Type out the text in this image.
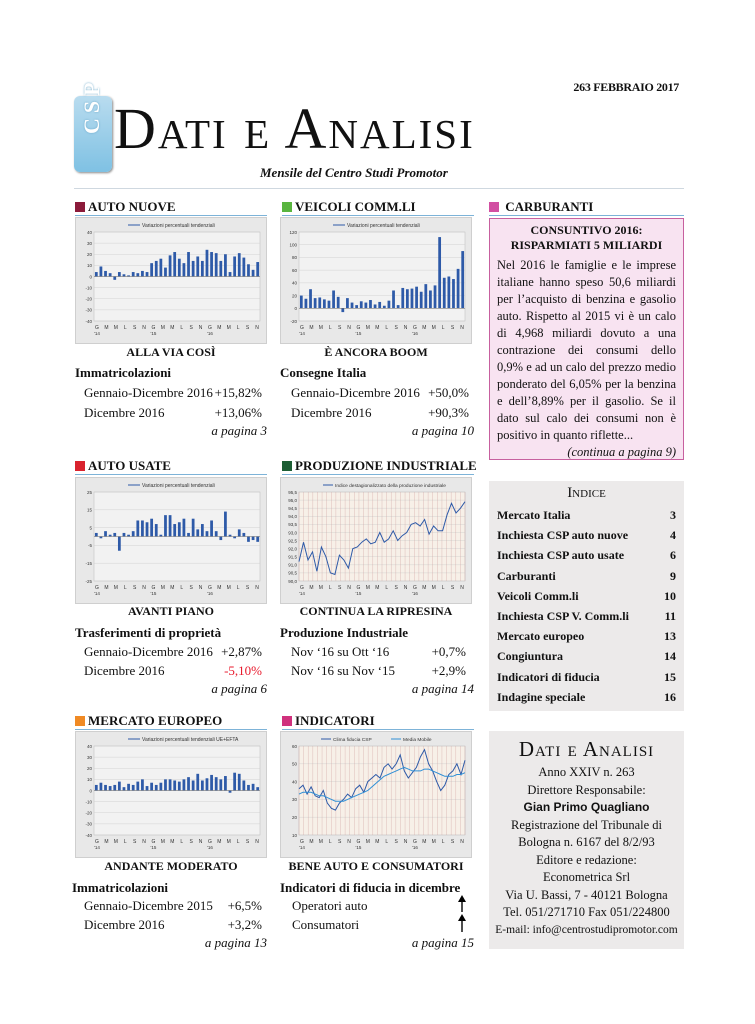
263 FEBBRAIO 2017
CSP Dati e Analisi
Mensile del Centro Studi Promotor
AUTO NUOVE
40
30
20
10
0
-10
-20
-30
-40
G M M L S N G M M L S N G M M L S N
'14	'15	'16
Variazioni percentuali tendenziali
ALLA VIA COSÌ
Immatricolazioni
Gennaio-Dicembre 2016 +15,82%
Dicembre 2016	+13,06%
a pagina 3
VEICOLI COMM.LI
120
100
80
60
40
20
0
-20
G M M L S N G M M L S N G M M L S N
'14	'15	'16
Variazioni percentuali tendenziali
È ANCORA BOOM
Consegne Italia
Gennaio-Dicembre 2016 +50,0%
Dicembre 2016	+90,3%
a pagina 10
CARBURANTI
CONSUNTIVO 2016:
RISPARMIATI 5 MILIARDI
Nel 2016 le famiglie e le imprese italiane hanno speso 50,6 miliardi per l’acquisto di benzina e gasolio auto. Rispetto al 2015 vi è un calo di 4,968 miliardi dovuto a una contrazione dei consumi dello 0,9% e ad un calo del prezzo medio ponderato del 6,05% per la benzina e dell’8,89% per il gasolio. Se il dato sul calo dei consumi non è positivo in quanto riflette...
(continua a pagina 9)
AUTO USATE
25
15
5
-5
-15
-25
G M M L S N G M M L S N G M M L S N
'14	'15	'16
Variazioni percentuali tendenziali
AVANTI PIANO
Trasferimenti di proprietà
Gennaio-Dicembre 2016 +2,87%
Dicembre 2016	-5,10%
a pagina 6
PRODUZIONE INDUSTRIALE
95,5
95,0
94,5
94,0
93,5
93,0
92,5
92,0
91,5
91,0
90,5
90,0
G M M L S N G M M L S N G M M L S N
'14	'15	'16
Indice destagionalizzato della produzione industriale
CONTINUA LA RIPRESINA
Produzione Industriale
Nov ‘16 su Ott ‘16	+0,7%
Nov ‘16 su Nov ‘15	+2,9%
a pagina 14
MERCATO EUROPEO
40
30
20
10
0
-10
-20
-30
-40
G M M L S N G M M L S N G M M L S N
'14	'15	'16
Variazioni percentuali tendenziali UE+EFTA
ANDANTE MODERATO
Immatricolazioni
Gennaio-Dicembre 2015 +6,5%
Dicembre 2016	+3,2%
a pagina 13
INDICATORI
60
50
40
30
20
10
G M M L S N G M M L S N G M M L S N
'14	'15	'16
Clima fiducia CSP	Media Mobile
BENE AUTO E CONSUMATORI
Indicatori di fiducia in dicembre
Operatori auto
Consumatori
a pagina 15
Indice
Mercato Italia	3
Inchiesta CSP auto nuove	4
Inchiesta CSP auto usate	6
Carburanti	9
Veicoli Comm.li	10
Inchiesta CSP V. Comm.li	11
Mercato europeo	13
Congiuntura	14
Indicatori di fiducia	15
Indagine speciale	16
Dati e Analisi
Anno XXIV n. 263
Direttore Responsabile:
Gian Primo Quagliano
Registrazione del Tribunale di
Bologna n. 6167 del 8/2/93
Editore e redazione:
Econometrica Srl
Via U. Bassi, 7 - 40121 Bologna
Tel. 051/271710 Fax 051/224800
E-mail: info@centrostudipromotor.com
